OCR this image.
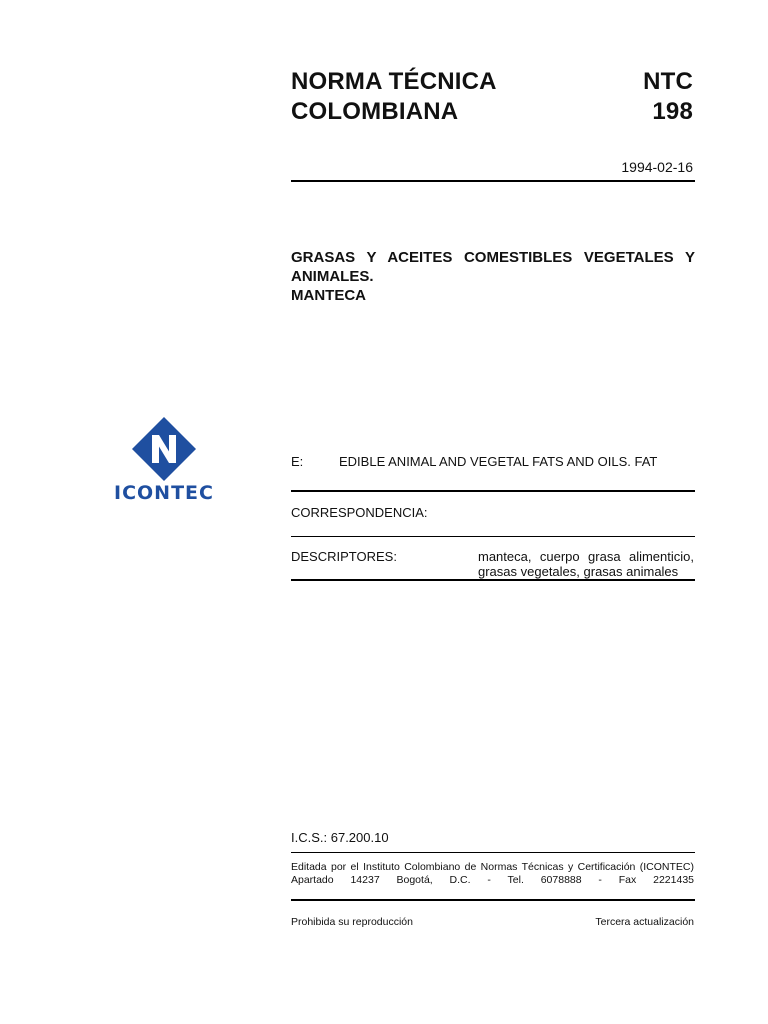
NORMA TÉCNICA
COLOMBIANA
NTC
198
1994-02-16
GRASAS Y ACEITES COMESTIBLES VEGETALES Y
ANIMALES.
MANTECA
ICONTEC
E:	EDIBLE ANIMAL AND VEGETAL FATS AND OILS. FAT
CORRESPONDENCIA:
DESCRIPTORES:	manteca, cuerpo grasa alimenticio,
grasas vegetales, grasas animales
I.C.S.: 67.200.10
Editada por el Instituto Colombiano de Normas Técnicas y Certificación (ICONTEC)
Apartado 14237 Bogotá, D.C. - Tel. 6078888 - Fax 2221435
Prohibida su reproducción	Tercera actualización
